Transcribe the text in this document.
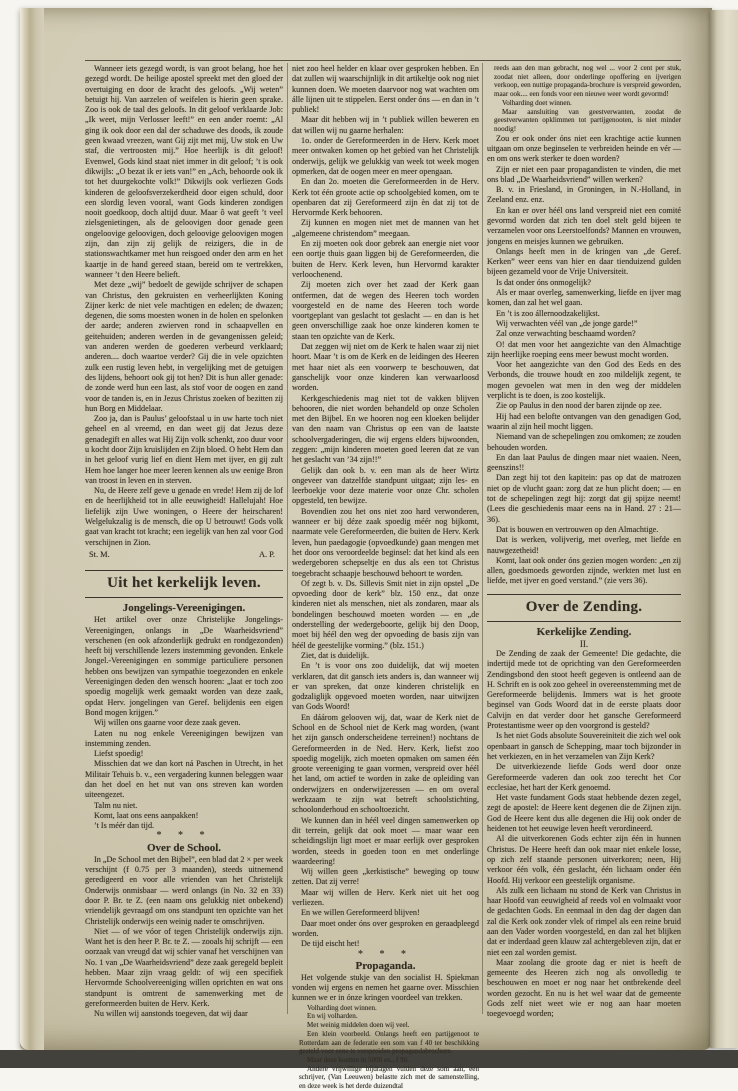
Wanneer iets gezegd wordt, is van groot belang, hoe het gezegd wordt. De heilige apostel spreekt met den gloed der overtuiging en door de kracht des geloofs. „Wij weten” betuigt hij. Van aarzelen of weifelen is hierin geen sprake. Zoo is ook de taal des geloofs. In dit geloof verklaarde Job: „Ik weet, mijn Verlosser leeft!” en een ander roemt: „Al ging ik ook door een dal der schaduwe des doods, ik zoude geen kwaad vreezen, want Gij zijt met mij, Uw stok en Uw staf, die vertroosten mij.” Hoe heerlijk is dit geloof! Evenwel, Gods kind staat niet immer in dit geloof; ’t is ook dikwijls: „O bezat ik er iets van!” en „Ach, behoorde ook ik tot het duurgekochte volk!” Dikwijls ook verliezen Gods kinderen de geloofsverzekerdheid door eigen schuld, door een slordig leven vooral, want Gods kinderen zondigen nooit goedkoop, doch altijd duur. Maar ô wat geeft ’t veel zielsgenietingen, als de geloovigen door genade geen ongeloovige geloovigen, doch geloovige geloovigen mogen zijn, dan zijn zij gelijk de reizigers, die in de stationswachtkamer met hun reisgoed onder den arm en het kaartje in de hand gereed staan, bereid om te vertrekken, wanneer ’t den Heere belieft.

Met deze „wij” bedoelt de gewijde schrijver de schapen van Christus, den gekruisten en verheerlijkten Koning Zijner kerk: de niet vele machtigen en edelen; de dwazen; degenen, die soms moesten wonen in de holen en spelonken der aarde; anderen zwierven rond in schaapvellen en geitehuiden; anderen werden in de gevangenissen geleid; van anderen werden de goederen verbeurd verklaard; anderen.... doch waartoe verder? Gij die in vele opzichten zulk een rustig leven hebt, in vergelijking met de getuigen des lijdens, behoort ook gij tot hen? Dit is hun aller genade: de zonde werd hun een last, als stof voor de oogen en zand voor de tanden is, en in Jezus Christus zoeken of bezitten zij hun Borg en Middelaar.

Zoo ja, dan is Paulus’ geloofstaal u in uw harte toch niet geheel en al vreemd, en dan weet gij dat Jezus deze genadegift en alles wat Hij Zijn volk schenkt, zoo duur voor u kocht door Zijn kruislijden en Zijn bloed. O hebt Hem dan in het geloof vurig lief en dient Hem met ijver, en gij zult Hem hoe langer hoe meer leeren kennen als uw eenige Bron van troost in leven en in sterven.

Nu, de Heere zelf geve u genade en vrede! Hem zij de lof en de heerlijkheid tot in alle eeuwigheid! Hallelujah! Hoe liefelijk zijn Uwe woningen, o Heere der heirscharen! Welgelukzalig is de mensch, die op U betrouwt! Gods volk gaat van kracht tot kracht; een iegelijk van hen zal voor God verschijnen in Zion.

St. M.	A. P.
Uit het kerkelijk leven.

Jongelings-Vereenigingen.

Het artikel over onze Christelijke Jongelings-Vereenigingen, onlangs in „De Waarheidsvriend” verschenen (en ook afzonderlijk gedrukt en rondgezonden) heeft bij verschillende lezers instemming gevonden. Enkele Jongel.-Vereenigingen en sommige particuliere personen hebben ons bewijzen van sympathie toegezonden en enkele Vereenigingen deden den wensch hooren: „laat er toch zoo spoedig mogelijk werk gemaakt worden van deze zaak, opdat Herv. jongelingen van Geref. belijdenis een eigen Bond mogen krijgen.”

Wij willen ons gaarne voor deze zaak geven.

Laten nu nog enkele Vereenigingen bewijzen van instemming zenden.

Liefst spoedig!

Misschien dat we dan kort ná Paschen in Utrecht, in het Militair Tehuis b. v., een vergadering kunnen beleggen waar dan het doel en het nut van ons streven kan worden uiteengezet.

Talm nu niet.

Komt, laat ons eens aanpakken!

’t Is méér dan tijd.

* * *

Over de School.

In „De School met den Bijbel”, een blad dat 2 × per week verschijnt (f 0.75 per 3 maanden), steeds uitnemend geredigeerd en voor alle vrienden van het Christelijk Onderwijs onmisbaar — werd onlangs (in No. 32 en 33) door P. Br. te Z. (een naam ons gelukkig niet onbekend) vriendelijk gevraagd om ons standpunt ten opzichte van het Christelijk onderwijs een weinig nader te omschrijven.

Niet — of we vóor of tegen Christelijk onderwijs zijn. Want het is den heer P. Br. te Z. — zooals hij schrijft — een oorzaak van vreugd dat wij schier vanaf het verschijnen van No. 1 van „De Waarheidsvriend” deze zaak geregeld bepleit hebben. Maar zijn vraag geldt: of wij een specifiek Hervormde Schoolvereeniging willen oprichten en wat ons standpunt is omtrent de samenwerking met de gereformeerden buiten de Herv. Kerk.

Nu willen wij aanstonds toegeven, dat wij daar

niet zoo heel helder en klaar over gesproken hebben. En dat zullen wij waarschijnlijk in dit artikeltje ook nog niet kunnen doen. We moeten daarvoor nog wat wachten om álle lijnen uit te stippelen. Eerst onder óns — en dan in ’t publiek!

Maar dit hebben wij in ’t publiek willen beweren en dat willen wij nu gaarne herhalen:

1o. onder de Gereformeerden in de Herv. Kerk moet meer ontwaken komen op het gebied van het Christelijk onderwijs, gelijk we gelukkig van week tot week mogen opmerken, dat de oogen meer en meer opengaan.

En dan 2o. moeten die Gereformeerden in de Herv. Kerk tot één groote actie op schoolgebied komen, om te openbaren dat zij Gereformeerd zijn èn dat zij tot de Hervormde Kerk behooren.

Zij kunnen en mogen niet met de mannen van het „algemeene christendom” meegaan.

En zij moeten ook door gebrek aan energie niet voor een oortje thuis gaan liggen bij de Gereformeerden, die buiten de Herv. Kerk leven, hun Hervormd karakter verloochenend.

Zij moeten zich over het zaad der Kerk gaan ontfermen, dat de wegen des Heeren toch worden voorgesteld en de name des Heeren toch worde voortgeplant van geslacht tot geslacht — en dan is het geen onverschillige zaak hoe onze kinderen komen te staan ten opzichte van de Kerk.

Dat zeggen wij niet om de Kerk te halen waar zij niet hoort. Maar ’t is om de Kerk en de leidingen des Heeren met haar niet als een voorwerp te beschouwen, dat ganschelijk voor onze kinderen kan verwaarloosd worden.

Kerkgeschiedenis mag niet tot de vakken blijven behooren, die niet worden behandeld op onze Scholen met den Bijbel. En we hooren nog een kloeken belijder van den naam van Christus op een van de laatste schoolvergaderingen, die wij ergens elders bijwoonden, zeggen: „mijn kinderen moeten goed leeren dat ze van het geslacht van ’34 zijn!!”

Gelijk dan ook b. v. een man als de heer Wirtz ongeveer van datzelfde standpunt uitgaat; zijn les- en leerboekje voor deze materie voor onze Chr. scholen opgesteld, ten bewijze.

Bovendien zou het ons niet zoo hard verwonderen, wanneer er bij déze zaak spoedig méér nog bijkomt, naarmate vele Gereformeerden, die buiten de Herv. Kerk leven, hun paedagogie (opvoedkunde) gaan mengen met het door ons veroordeelde beginsel: dat het kind als een wedergeboren schepseltje en dus als een tot Christus toegebracht schaapje beschouwd behoort te worden.

Of zegt b. v. Ds. Sillevis Smit niet in zijn opstel „De opvoeding door de kerk” blz. 150 enz., dat onze kinderen niet als menschen, niet als zondaren, maar als bondelingen beschouwd moeten worden — en „de onderstelling der wedergeboorte, gelijk bij den Doop, moet bij héél den weg der opvoeding de basis zijn van héél de geestelijke vorming.” (blz. 151.)

Ziet, dat is duidelijk.

En ’t is voor ons zoo duidelijk, dat wij moeten verklaren, dat dit gansch iets anders is, dan wanneer wij er van spreken, dat onze kinderen christelijk en godzaliglijk opgevoed moeten worden, naar uitwijzen van Gods Woord!

En dáárom gelooven wij, dat, waar de Kerk niet de School en de School niet de Kerk mag worden, (want het zijn gansch onderscheidene terreinen!) nochtans de Gereformeerden in de Ned. Herv. Kerk, liefst zoo spoedig mogelijk, zich moeten opmaken om samen één groote vereeniging te gaan vormen, verspreid over héél het land, om actief te worden in zake de opleiding van onderwijzers en onderwijzeressen — en om overal werkzaam te zijn wat betreft schoolstichting, schoolonderhoud en schooltoezicht.

We kunnen dan in héél veel dingen samenwerken op dit terrein, gelijk dat ook moet — maar waar een scheidingslijn ligt moet er maar eerlijk over gesproken worden, steeds in goeden toon en met onderlinge waardeering!

Wij willen geen „kerkistische” beweging op touw zetten. Dat zij verre!

Maar wij willen de Herv. Kerk niet uit het oog verliezen.

En we willen Gereformeerd blijven!

Daar moet onder óns over gesproken en geraadpleegd worden.

De tijd eischt het!

* * *

Propaganda.

Het volgende stukje van den socialist H. Spiekman vonden wij ergens en nemen het gaarne over. Misschien kunnen we er in ónze kringen voordeel van trekken.

Volharding doet winnen.

En wij volharden.

Met weinig middelen doen wij veel.

Een klein voorbeeld. Onlangs heeft een partijgenoot te Rotterdam aan de federatie een som van f 40 ter beschikking gesteld voor eene te verspreiden propagandabrochure.

Maar deze kostten in 5000 ex., f 90.

Andere vrijwillige bijdragen vulden deze som aan, een schrijver, (Van Leeuwen) belastte zich met de samenstelling, en deze week is het derde duizendtal

reeds aan den man gebracht, nog wel ... voor 2 cent per stuk, zoodat niet alleen, door onderlinge opoffering en ijverigen verkoop, een nuttige propaganda-brochure is verspreid geworden, maar ook.... een fonds voor een nieuwe weer wordt gevormd!

Volharding doet winnen.

Maar aansluiting van geestverwanten, zoodat de geestverwanten opklimmen tot partijgenooten, is niet minder noodig!

Zou er ook onder óns niet een krachtige actie kunnen uitgaan om onze beginselen te verbreiden heinde en vér — en om ons werk sterker te doen worden?

Zijn er niet een paar propagandisten te vinden, die met ons blad „De Waarheidsvriend” willen werken?

B. v. in Friesland, in Groningen, in N.-Holland, in Zeeland enz. enz.

En kan er over héél ons land verspreid niet een comité gevormd worden dat zich ten doel stelt geld bijeen te verzamelen voor ons Leerstoelfonds? Mannen en vrouwen, jongens en meisjes kunnen we gebruiken.

Onlangs heeft men in de kringen van „de Geref. Kerken” weer eens van hier en daar tienduizend gulden bijeen gezameld voor de Vrije Universiteit.

Is dat onder óns onmogelijk?

Als er maar overleg, samenwerking, liefde en ijver mag komen, dan zal het wel gaan.

En ’t is zoo állernoodzakelijkst.

Wij verwachten véél van „de jonge garde!”

Zal onze verwachting beschaamd worden?

O! dat men voor het aangezichte van den Almachtige zijn heerlijke roeping eens meer bewust mocht worden.

Voor het aangezichte van den God des Eeds en des Verbonds, die trouwe houdt en zoo mildelijk zegent, te mogen gevoelen wat men in den weg der middelen verplicht is te doen, is zoo kostelijk.

Zie op Paulus in den nood der baren zijnde op zee.

Hij had een belofte ontvangen van den genadigen God, waarin al zijn heil mocht liggen.

Niemand van de schepelingen zou omkomen; ze zouden behouden worden.

En dan laat Paulus de dingen maar niet waaien. Neen, geenszins!!

Dan zegt hij tot den kapitein: pas op dat de matrozen niet op de vlucht gaan: zorg dat ze hun plicht doen; — en tot de schepelingen zegt hij: zorgt dat gij spijze neemt! (Lees die geschiedenis maar eens na in Hand. 27 : 21—36).

Dat is bouwen en vertrouwen op den Almachtige.

Dat is werken, volijverig, met overleg, met liefde en nauwgezetheid!

Komt, laat ook onder óns gezien mogen worden: „en zij allen, goedsmoeds geworden zijnde, werkten met lust en liefde, met ijver en goed verstand.” (zie vers 36).

Over de Zending.

Kerkelijke Zending.

II.

De Zending de zaak der Gemeente! Die gedachte, die indertijd mede tot de oprichting van den Gereformeerden Zendingsbond den stoot heeft gegeven is ontleend aan de H. Schrift en is ook zoo geheel in overeenstemming met de Gereformeerde belijdenis. Immers wat is het groote beginsel van Gods Woord dat in de eerste plaats door Calvijn en dat verder door het gansche Gereformeerd Protestantisme weer op den voorgrond is gesteld?

Is het niet Gods absolute Souvereiniteit die zich wel ook openbaart in gansch de Schepping, maar toch bijzonder in het verkiezen, en in het verzamelen van Zijn Kerk?

De uitverkiezende liefde Gods werd door onze Gereformeerde vaderen dan ook zoo terecht het Cor ecclesiae, het hart der Kerk genoemd.

Het vaste fundament Gods staat hebbende dezen zegel, zegt de apostel: de Heere kent degenen die de Zijnen zijn. God de Heere kent dus alle degenen die Hij ook onder de heidenen tot het eeuwige leven heeft verordineerd.

Al die uitverkorenen Gods echter zijn één in hunnen Christus. De Heere heeft dan ook maar niet enkele losse, op zich zelf staande personen uitverkoren; neen, Hij verkoor één volk, één geslacht, één lichaam onder één Hoofd. Hij verkoor een geestelijk organisme.

Als zulk een lichaam nu stond de Kerk van Christus in haar Hoofd van eeuwigheid af reeds vol en volmaakt voor de gedachten Gods. En eenmaal in den dag der dagen dan zal die Kerk ook zonder vlek of rimpel als een reine bruid aan den Vader worden voorgesteld, en dan zal het blijken dat er inderdaad geen klauw zal achtergebleven zijn, dat er niet een zal worden gemist.

Maar zoolang die groote dag er niet is heeft de gemeente des Heeren zich nog als onvolledig te beschouwen en moet er nog naar het ontbrekende deel worden gezocht. En nu is het wel waar dat de gemeente Gods zelf niet weet wie er nog aan haar moeten toegevoegd worden;
